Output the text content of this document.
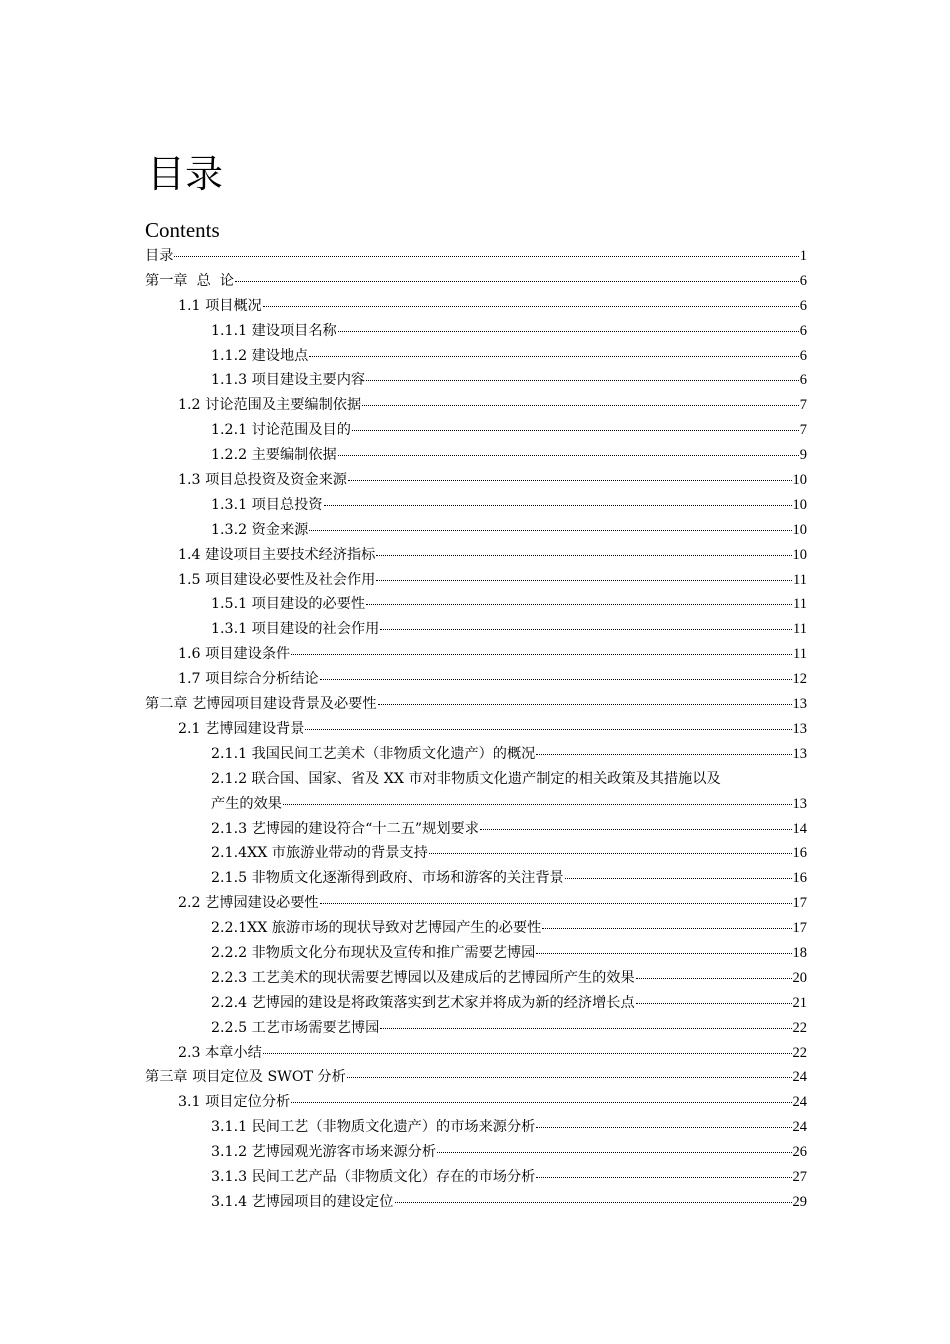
目录
Contents
目录	1
第一章  总  论	6
1.1 项目概况	6
1.1.1 建设项目名称	6
1.1.2 建设地点	6
1.1.3 项目建设主要内容	6
1.2 讨论范围及主要编制依据	7
1.2.1 讨论范围及目的	7
1.2.2 主要编制依据	9
1.3 项目总投资及资金来源	10
1.3.1 项目总投资	10
1.3.2 资金来源	10
1.4 建设项目主要技术经济指标	10
1.5 项目建设必要性及社会作用	11
1.5.1 项目建设的必要性	11
1.3.1 项目建设的社会作用	11
1.6 项目建设条件	11
1.7 项目综合分析结论	12
第二章 艺博园项目建设背景及必要性	13
2.1 艺博园建设背景	13
2.1.1 我国民间工艺美术（非物质文化遗产）的概况	13
2.1.2 联合国、国家、省及 XX 市对非物质文化遗产制定的相关政策及其措施以及
产生的效果	13
2.1.3 艺博园的建设符合“十二五”规划要求	14
2.1.4XX 市旅游业带动的背景支持	16
2.1.5 非物质文化逐渐得到政府、市场和游客的关注背景	16
2.2 艺博园建设必要性	17
2.2.1XX 旅游市场的现状导致对艺博园产生的必要性	17
2.2.2 非物质文化分布现状及宣传和推广需要艺博园	18
2.2.3 工艺美术的现状需要艺博园以及建成后的艺博园所产生的效果	20
2.2.4 艺博园的建设是将政策落实到艺术家并将成为新的经济增长点	21
2.2.5 工艺市场需要艺博园	22
2.3 本章小结	22
第三章 项目定位及 SWOT 分析	24
3.1 项目定位分析	24
3.1.1 民间工艺（非物质文化遗产）的市场来源分析	24
3.1.2 艺博园观光游客市场来源分析	26
3.1.3 民间工艺产品（非物质文化）存在的市场分析	27
3.1.4 艺博园项目的建设定位	29
